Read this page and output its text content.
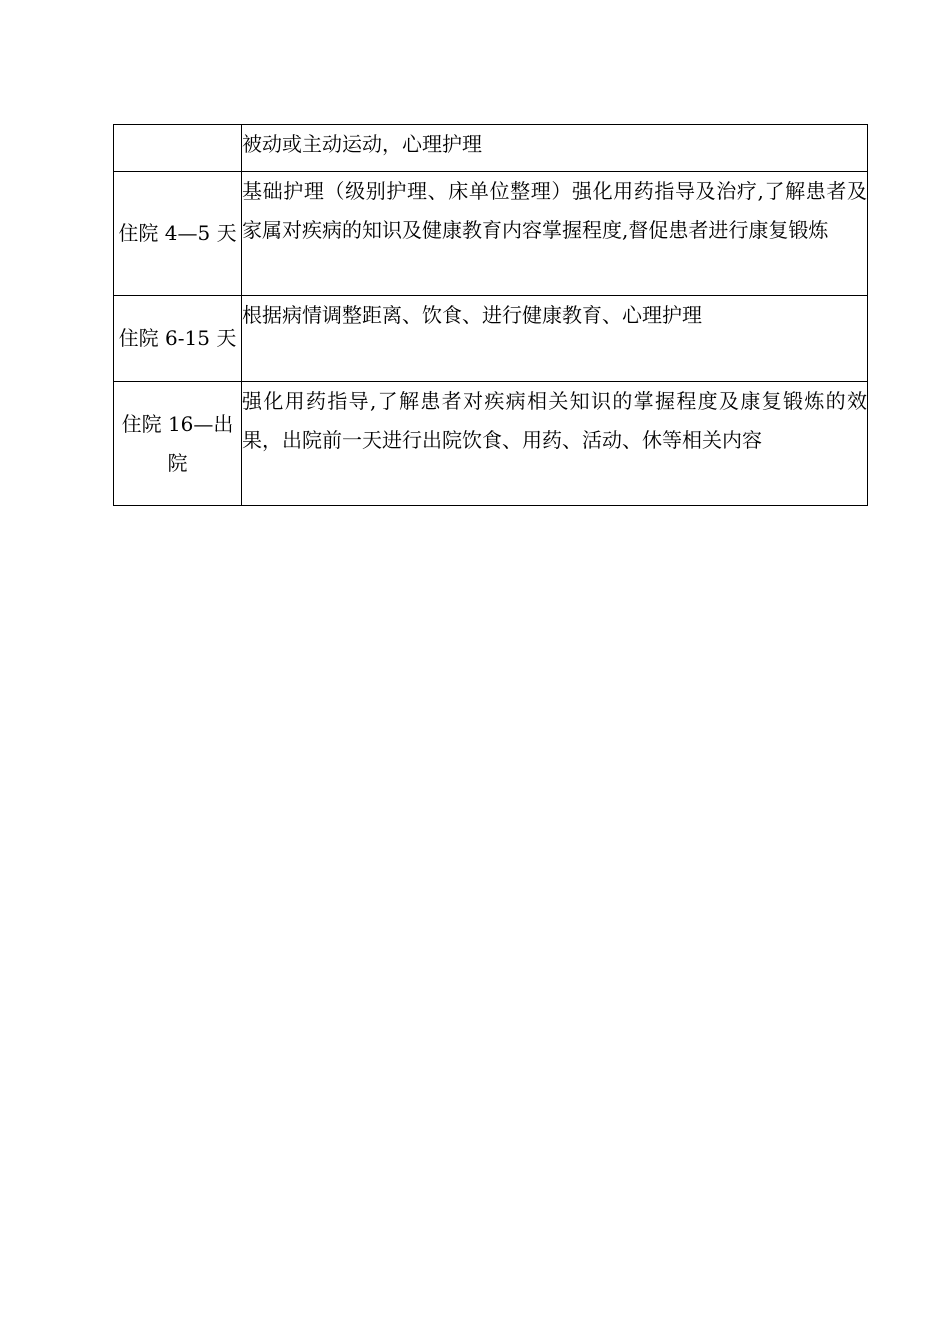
	被动或主动运动，心理护理
住院 4—5 天	基础护理（级别护理、床单位整理）强化用药指导及治疗,了解患者及家属对疾病的知识及健康教育内容掌握程度,督促患者进行康复锻炼
住院 6-15 天	根据病情调整距离、饮食、进行健康教育、心理护理
住院 16—出院	强化用药指导,了解患者对疾病相关知识的掌握程度及康复锻炼的效果，出院前一天进行出院饮食、用药、活动、休等相关内容
